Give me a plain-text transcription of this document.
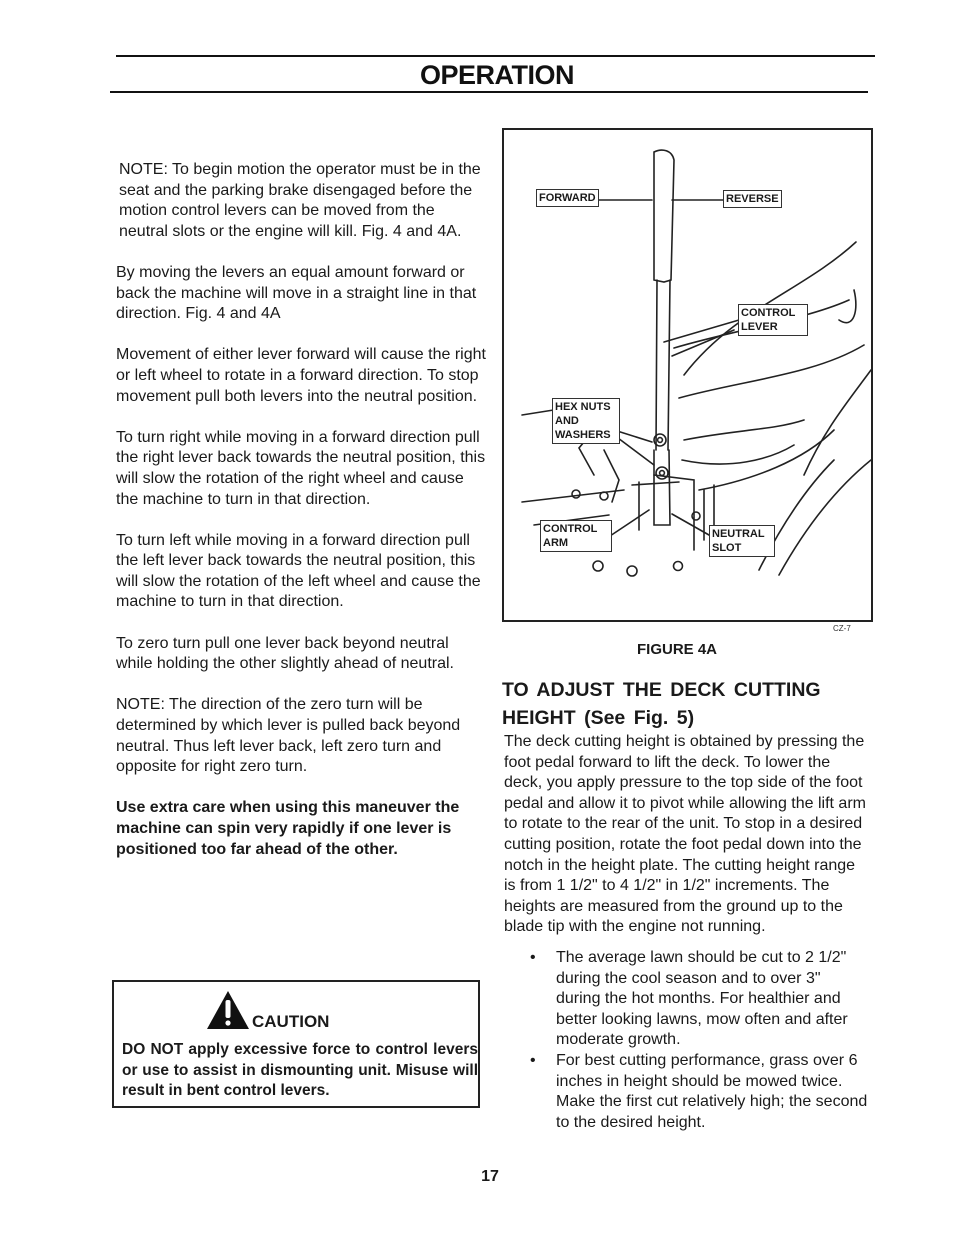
OPERATION

NOTE: To begin motion the operator must be in the seat and the parking brake disengaged before the motion control levers can be moved from the neutral slots or the engine will kill. Fig. 4 and 4A.

By moving the levers an equal amount forward or back the machine will move in a straight line in that direction. Fig. 4 and 4A

Movement of either lever forward will cause the right or left wheel to rotate in a forward direction. To stop movement pull both levers into the neutral position.

To turn right while moving in a forward direction pull the right lever back towards the neutral position, this will slow the rotation of the right wheel and cause the machine to turn in that direction.

To turn left while moving in a forward direction pull the left lever back towards the neutral position, this will slow the rotation of the left wheel and cause the machine to turn in that direction.

To zero turn pull one lever back beyond neutral while holding the other slightly ahead of neutral.

NOTE: The direction of the zero turn will be determined by which lever is pulled back beyond neutral. Thus left lever back, left zero turn and opposite for right zero turn.

Use extra care when using this maneuver the machine can spin very rapidly if one lever is positioned too far ahead of the other.

CAUTION
DO NOT apply excessive force to control levers or use to assist in dismounting unit. Misuse will result in bent control levers.
FORWARD	REVERSE
CONTROL
LEVER
HEX NUTS
AND
WASHERS
CONTROL
ARM
NEUTRAL
SLOT
CZ-7
FIGURE 4A
TO ADJUST THE DECK CUTTING HEIGHT (See Fig. 5)

The deck cutting height is obtained by pressing the foot pedal forward to lift the deck. To lower the deck, you apply pressure to the top side of the foot pedal and allow it to pivot while allowing the lift arm to rotate to the rear of the unit. To stop in a desired cutting position, rotate the foot pedal down into the notch in the height plate. The cutting height range is from 1 1/2" to 4 1/2" in 1/2" increments. The heights are measured from the ground up to the blade tip with the engine not running.

• The average lawn should be cut to 2 1/2" during the cool season and to over 3" during the hot months. For healthier and better looking lawns, mow often and after moderate growth.
• For best cutting performance, grass over 6 inches in height should be mowed twice. Make the first cut relatively high; the second to the desired height.
17
